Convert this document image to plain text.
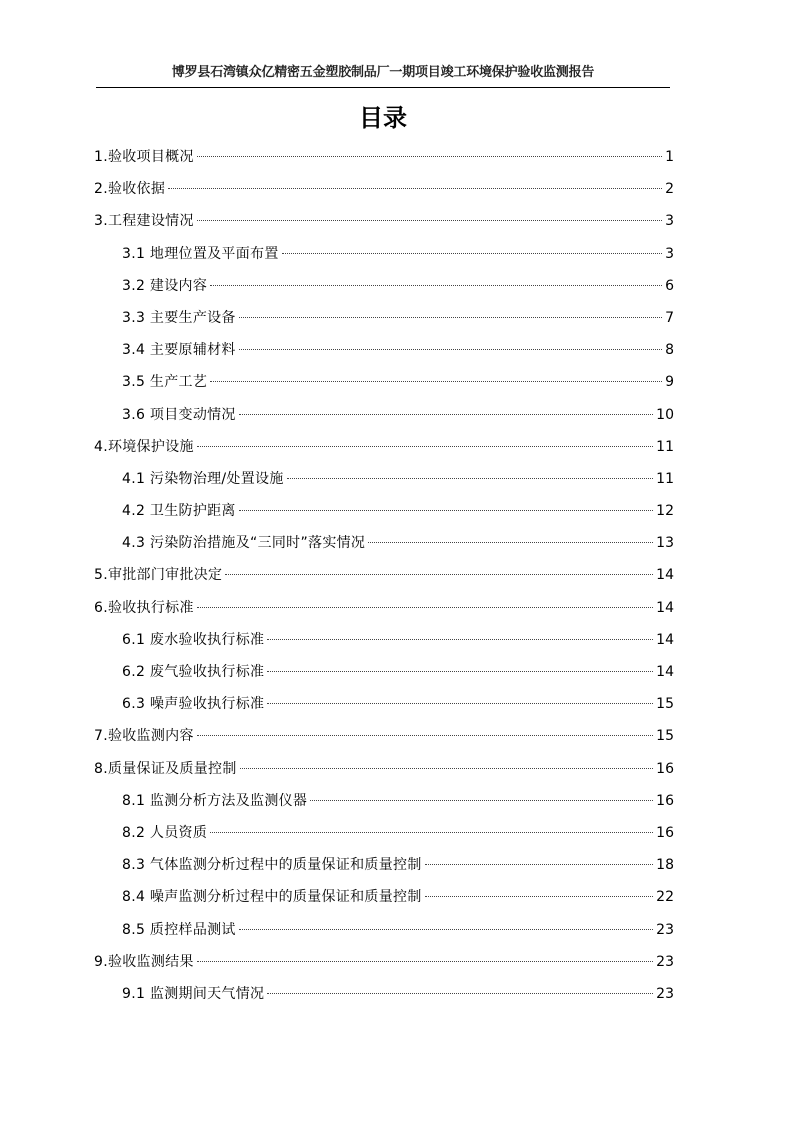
博罗县石湾镇众亿精密五金塑胶制品厂一期项目竣工环境保护验收监测报告
目录
1.验收项目概况	1
2.验收依据	2
3.工程建设情况	3
3.1 地理位置及平面布置	3
3.2 建设内容	6
3.3 主要生产设备	7
3.4 主要原辅材料	8
3.5 生产工艺	9
3.6 项目变动情况	10
4.环境保护设施	11
4.1 污染物治理/处置设施	11
4.2 卫生防护距离	12
4.3 污染防治措施及“三同时”落实情况	13
5.审批部门审批决定	14
6.验收执行标准	14
6.1 废水验收执行标准	14
6.2 废气验收执行标准	14
6.3 噪声验收执行标准	15
7.验收监测内容	15
8.质量保证及质量控制	16
8.1 监测分析方法及监测仪器	16
8.2 人员资质	16
8.3 气体监测分析过程中的质量保证和质量控制	18
8.4 噪声监测分析过程中的质量保证和质量控制	22
8.5 质控样品测试	23
9.验收监测结果	23
9.1 监测期间天气情况	23
